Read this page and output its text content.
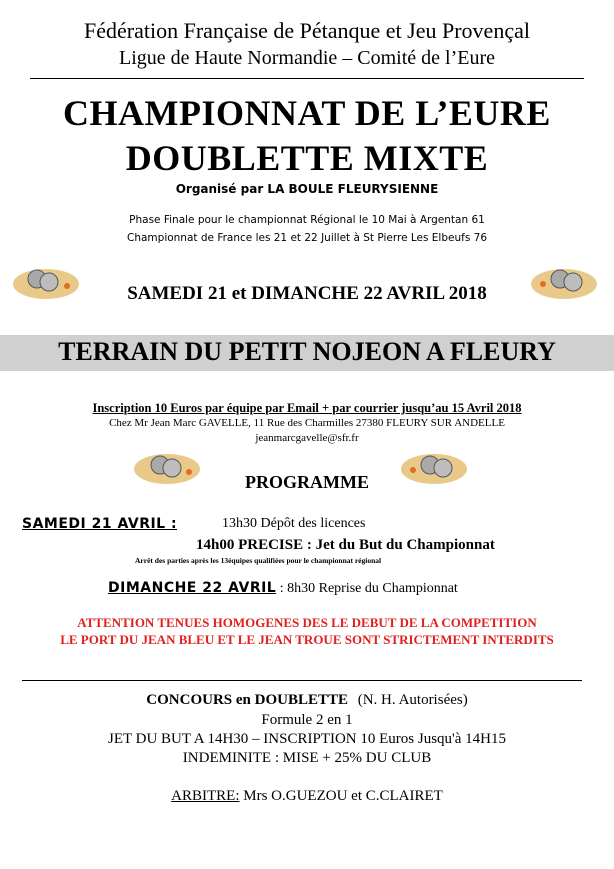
Fédération Française de Pétanque et Jeu Provençal
Ligue de Haute Normandie – Comité de l’Eure
CHAMPIONNAT DE L’EURE
DOUBLETTE MIXTE
Organisé par LA BOULE FLEURYSIENNE
Phase Finale pour le championnat Régional le 10 Mai à Argentan 61
Championnat de France les 21 et 22 Juillet à St Pierre Les Elbeufs 76
SAMEDI 21 et DIMANCHE 22 AVRIL 2018
TERRAIN DU PETIT NOJEON A FLEURY
Inscription 10 Euros par équipe par Email + par courrier jusqu’au 15 Avril 2018
Chez Mr Jean Marc GAVELLE, 11 Rue des Charmilles 27380 FLEURY SUR ANDELLE
jeanmarcgavelle@sfr.fr
PROGRAMME
SAMEDI 21 AVRIL :	13h30 Dépôt des licences
14h00 PRECISE : Jet du But du Championnat
Arrêt des parties après les 13équipes qualifiées pour le championnat régional
DIMANCHE 22 AVRIL : 8h30 Reprise du Championnat
ATTENTION TENUES HOMOGENES DES LE DEBUT DE LA COMPETITION
LE PORT DU JEAN BLEU ET LE JEAN TROUE SONT STRICTEMENT INTERDITS
CONCOURS en DOUBLETTE (N. H. Autorisées)
Formule 2 en 1
JET DU BUT A 14H30 – INSCRIPTION 10 Euros Jusqu'à 14H15
INDEMINITE : MISE + 25% DU CLUB
ARBITRE: Mrs O.GUEZOU et C.CLAIRET
